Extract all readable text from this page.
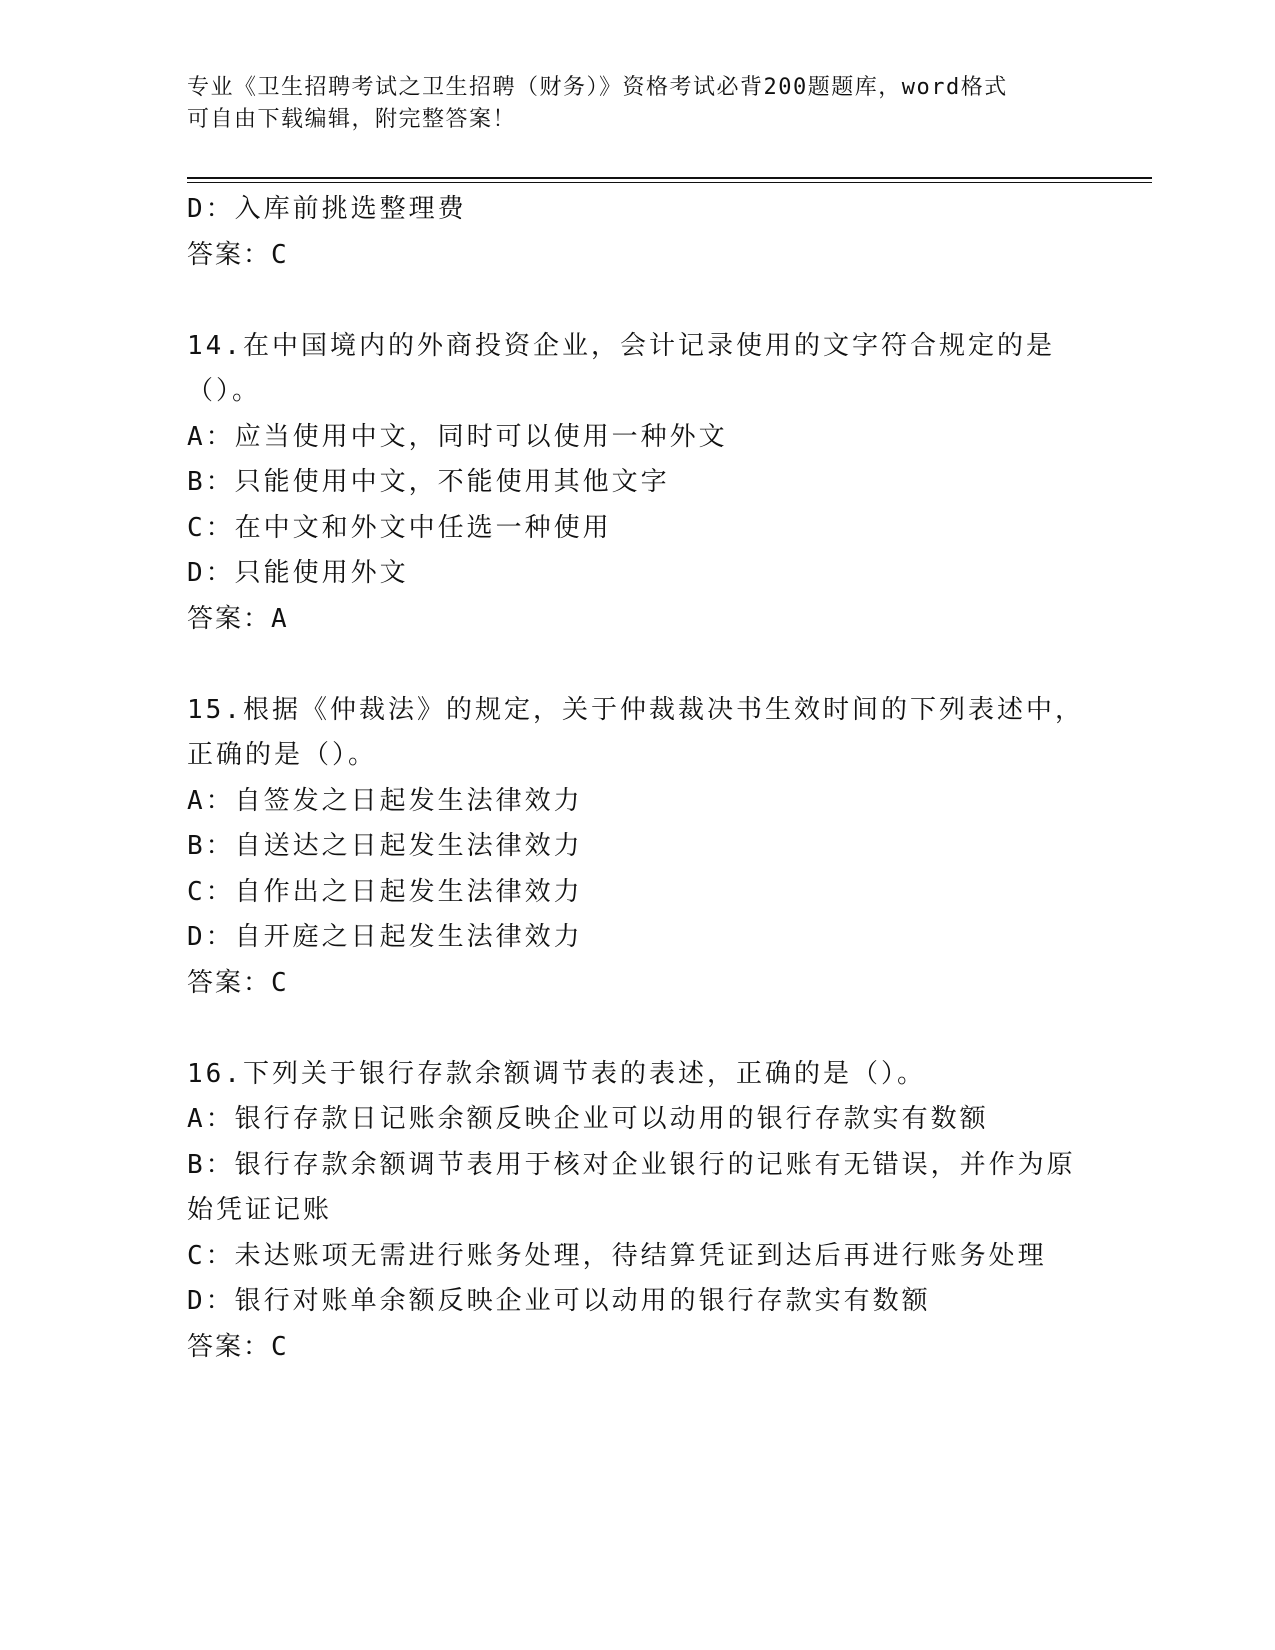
专业《卫生招聘考试之卫生招聘（财务）》资格考试必背200题题库，word格式
可自由下载编辑，附完整答案！
D：入库前挑选整理费
答案：C
14.在中国境内的外商投资企业，会计记录使用的文字符合规定的是（）。
A：应当使用中文，同时可以使用一种外文
B：只能使用中文，不能使用其他文字
C：在中文和外文中任选一种使用
D：只能使用外文
答案：A
15.根据《仲裁法》的规定，关于仲裁裁决书生效时间的下列表述中，正确的是（）。
A：自签发之日起发生法律效力
B：自送达之日起发生法律效力
C：自作出之日起发生法律效力
D：自开庭之日起发生法律效力
答案：C
16.下列关于银行存款余额调节表的表述，正确的是（）。
A：银行存款日记账余额反映企业可以动用的银行存款实有数额
B：银行存款余额调节表用于核对企业银行的记账有无错误，并作为原始凭证记账
C：未达账项无需进行账务处理，待结算凭证到达后再进行账务处理
D：银行对账单余额反映企业可以动用的银行存款实有数额
答案：C
